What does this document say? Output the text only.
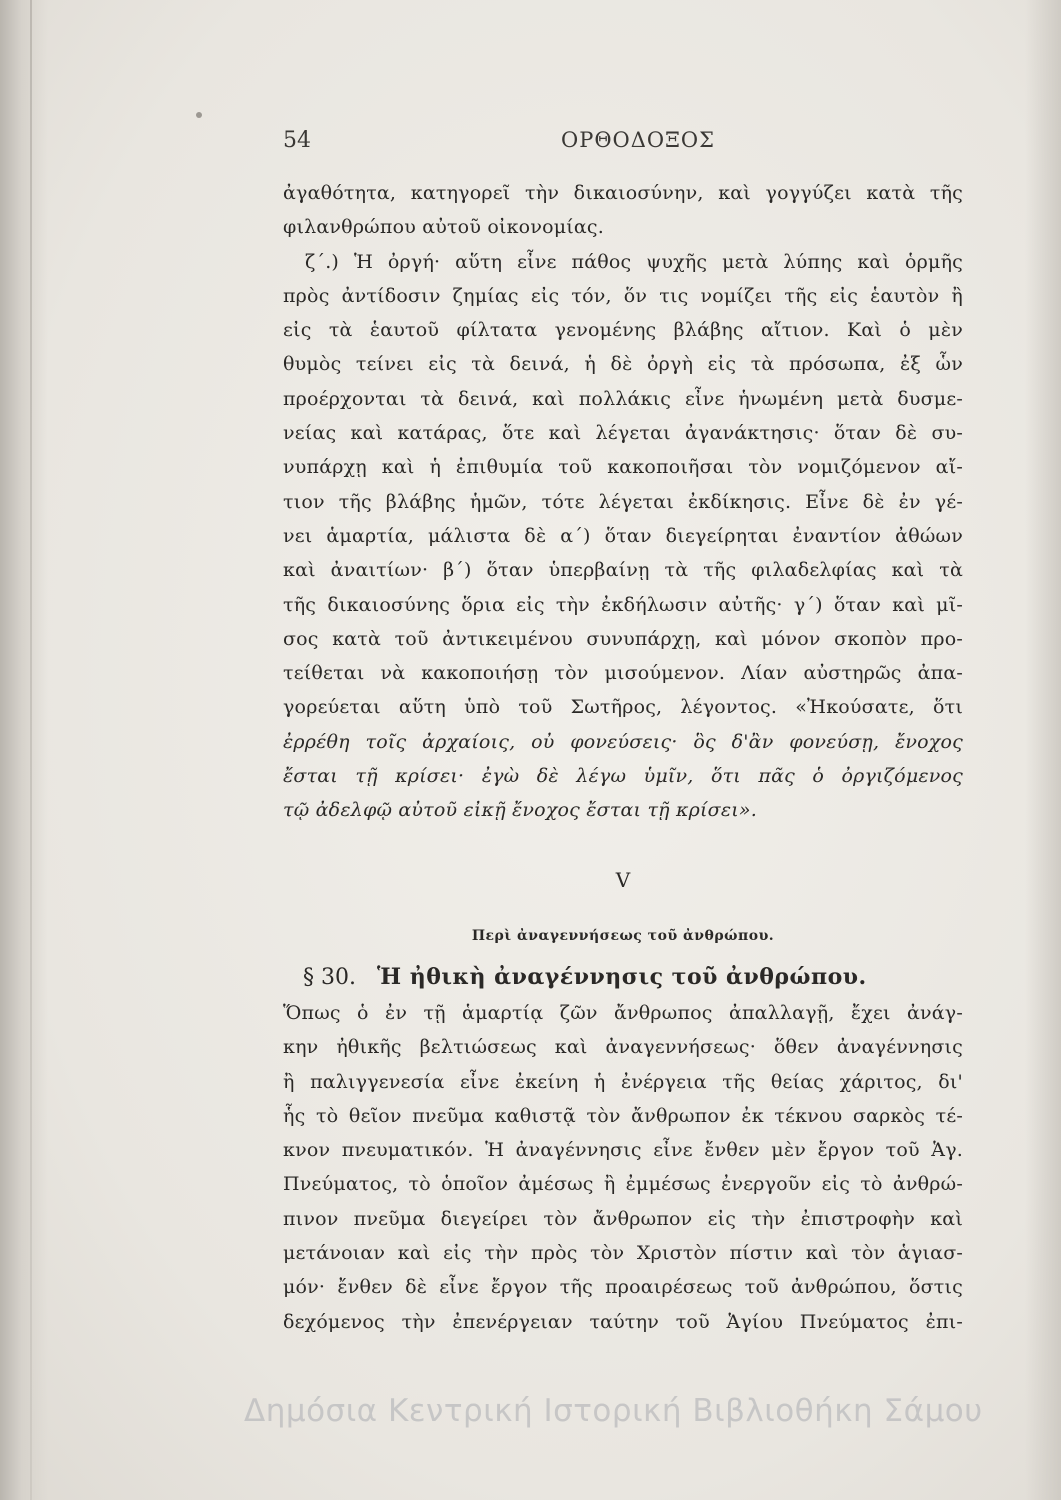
54	ΟΡΘΟΔΟΞΟΣ
ἀγαθότητα, κατηγορεῖ τὴν δικαιοσύνην, καὶ γογγύζει κατὰ τῆς
φιλανθρώπου αὐτοῦ οἰκονομίας.
ζ΄.) Ἡ ὀργή· αὕτη εἶνε πάθος ψυχῆς μετὰ λύπης καὶ ὁρμῆς
πρὸς ἀντίδοσιν ζημίας εἰς τόν, ὅν τις νομίζει τῆς εἰς ἑαυτὸν ἢ
εἰς τὰ ἑαυτοῦ φίλτατα γενομένης βλάβης αἴτιον. Καὶ ὁ μὲν
θυμὸς τείνει εἰς τὰ δεινά, ἡ δὲ ὀργὴ εἰς τὰ πρόσωπα, ἐξ ὧν
προέρχονται τὰ δεινά, καὶ πολλάκις εἶνε ἡνωμένη μετὰ δυσμε-
νείας καὶ κατάρας, ὅτε καὶ λέγεται ἀγανάκτησις· ὅταν δὲ συ-
νυπάρχῃ καὶ ἡ ἐπιθυμία τοῦ κακοποιῆσαι τὸν νομιζόμενον αἴ-
τιον τῆς βλάβης ἡμῶν, τότε λέγεται ἐκδίκησις. Εἶνε δὲ ἐν γέ-
νει ἁμαρτία, μάλιστα δὲ α΄) ὅταν διεγείρηται ἐναντίον ἀθώων
καὶ ἀναιτίων· β΄) ὅταν ὑπερβαίνῃ τὰ τῆς φιλαδελφίας καὶ τὰ
τῆς δικαιοσύνης ὅρια εἰς τὴν ἐκδήλωσιν αὐτῆς· γ΄) ὅταν καὶ μῖ-
σος κατὰ τοῦ ἀντικειμένου συνυπάρχῃ, καὶ μόνον σκοπὸν προ-
τείθεται νὰ κακοποιήσῃ τὸν μισούμενον. Λίαν αὐστηρῶς ἀπα-
γορεύεται αὕτη ὑπὸ τοῦ Σωτῆρος, λέγοντος. «Ἠκούσατε, ὅτι
ἐρρέθη τοῖς ἀρχαίοις, οὐ φονεύσεις· ὃς δ'ἂν φονεύσῃ, ἔνοχος
ἔσται τῇ κρίσει· ἐγὼ δὲ λέγω ὑμῖν, ὅτι πᾶς ὁ ὀργιζόμενος
τῷ ἀδελφῷ αὐτοῦ εἰκῇ ἔνοχος ἔσται τῇ κρίσει».
V
Περὶ ἀναγεννήσεως τοῦ ἀνθρώπου.
§ 30. Ἡ ἠθικὴ ἀναγέννησις τοῦ ἀνθρώπου.
Ὅπως ὁ ἐν τῇ ἁμαρτίᾳ ζῶν ἄνθρωπος ἀπαλλαγῇ, ἔχει ἀνάγ-
κην ἠθικῆς βελτιώσεως καὶ ἀναγεννήσεως· ὅθεν ἀναγέννησις
ἢ παλιγγενεσία εἶνε ἐκείνη ἡ ἐνέργεια τῆς θείας χάριτος, δι'
ἧς τὸ θεῖον πνεῦμα καθιστᾷ τὸν ἄνθρωπον ἐκ τέκνου σαρκὸς τέ-
κνον πνευματικόν. Ἡ ἀναγέννησις εἶνε ἔνθεν μὲν ἔργον τοῦ Ἁγ.
Πνεύματος, τὸ ὁποῖον ἀμέσως ἢ ἐμμέσως ἐνεργοῦν εἰς τὸ ἀνθρώ-
πινον πνεῦμα διεγείρει τὸν ἄνθρωπον εἰς τὴν ἐπιστροφὴν καὶ
μετάνοιαν καὶ εἰς τὴν πρὸς τὸν Χριστὸν πίστιν καὶ τὸν ἁγιασ-
μόν· ἔνθεν δὲ εἶνε ἔργον τῆς προαιρέσεως τοῦ ἀνθρώπου, ὅστις
δεχόμενος τὴν ἐπενέργειαν ταύτην τοῦ Ἁγίου Πνεύματος ἐπι-
Δημόσια Κεντρική Ιστορική Βιβλιοθήκη Σάμου
